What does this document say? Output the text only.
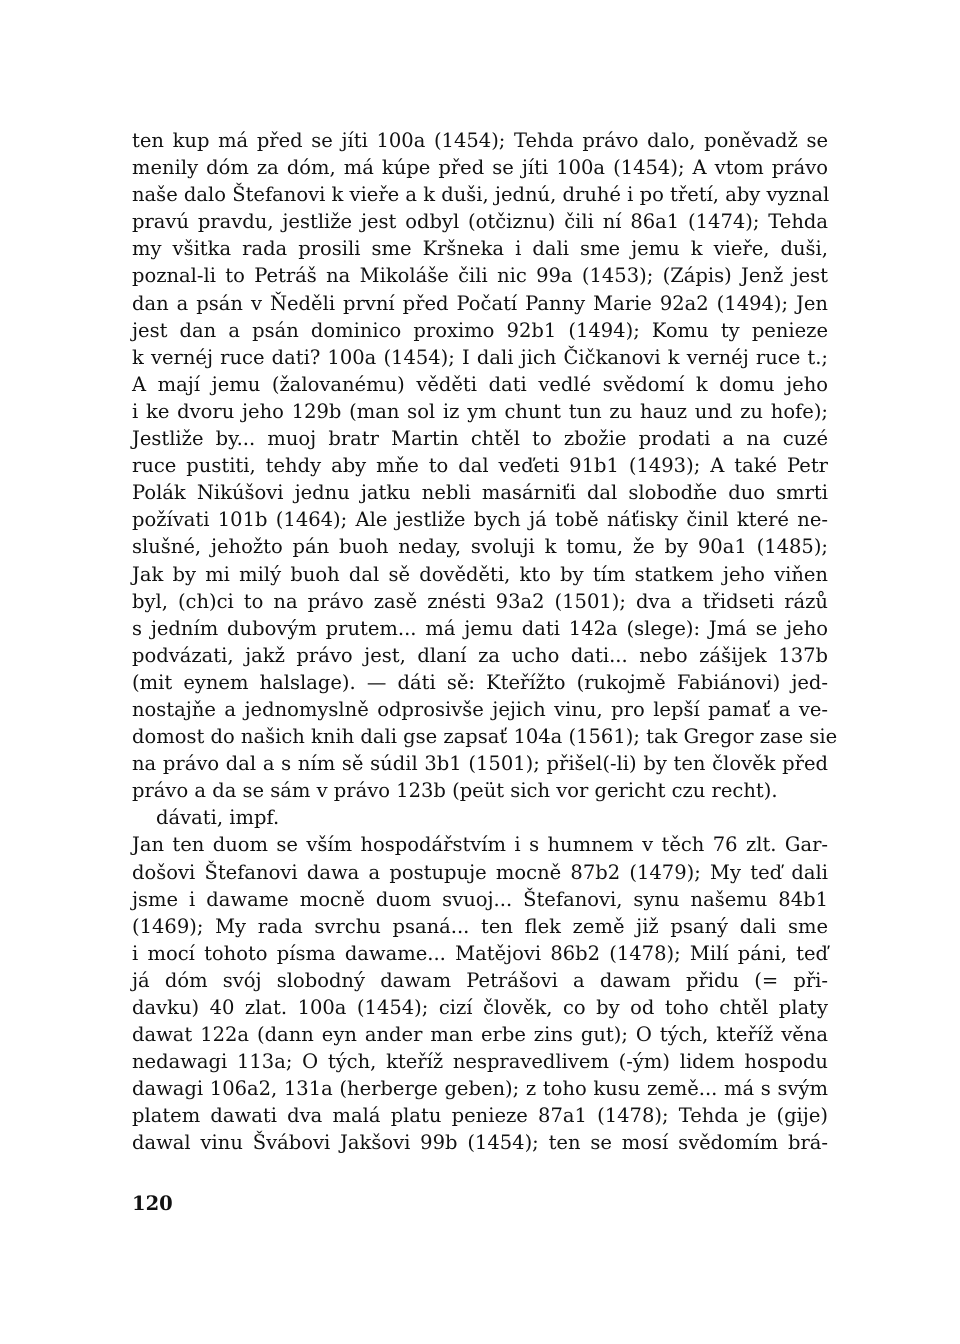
ten kup má před se jíti 100a (1454); Tehda právo dalo, poněvadž se
menily dóm za dóm, má kúpe před se jíti 100a (1454); A vtom právo
naše dalo Štefanovi k vieře a k duši, jednú, druhé i po třetí, aby vyznal
pravú pravdu, jestliže jest odbyl (otčiznu) čili ní 86a1 (1474); Tehda
my všitka rada prosili sme Kršneka i dali sme jemu k vieře, duši,
poznal-li to Petráš na Mikoláše čili nic 99a (1453); (Zápis) Jenž jest
dan a psán v Ňeděli první před Počatí Panny Marie 92a2 (1494); Jen
jest dan a psán dominico proximo 92b1 (1494); Komu ty penieze
k vernéj ruce dati? 100a (1454); I dali jich Čičkanovi k vernéj ruce t.;
A mají jemu (žalovanému) věděti dati vedlé svědomí k domu jeho
i ke dvoru jeho 129b (man sol iz ym chunt tun zu hauz und zu hofe);
Jestliže by... muoj bratr Martin chtěl to zbožie prodati a na cuzé
ruce pustiti, tehdy aby mňe to dal veďeti 91b1 (1493); A také Petr
Polák Nikúšovi jednu jatku nebli masárniťi dal slobodňe duo smrti
požívati 101b (1464); Ale jestliže bych já tobě náťisky činil které ne-
slušné, jehožto pán buoh neday, svoluji k tomu, že by 90a1 (1485);
Jak by mi milý buoh dal sě dověděti, kto by tím statkem jeho viňen
byl, (ch)ci to na právo zasě znésti 93a2 (1501); dva a třidseti rázů
s jedním dubovým prutem... má jemu dati 142a (slege): Jmá se jeho
podvázati, jakž právo jest, dlaní za ucho dati... nebo zášijek 137b
(mit eynem halslage). — dáti sě: Kteřížto (rukojmě Fabiánovi) jed-
nostajňe a jednomyslně odprosivše jejich vinu, pro lepší pamať a ve-
domost do našich knih dali gse zapsať 104a (1561); tak Gregor zase sie
na právo dal a s ním sě súdil 3b1 (1501); přišel(-li) by ten člověk před
právo a da se sám v právo 123b (peüt sich vor gericht czu recht).
dávati, impf.
Jan ten duom se vším hospodářstvím i s humnem v těch 76 zlt. Gar-
došovi Štefanovi dawa a postupuje mocně 87b2 (1479); My teď dali
jsme i dawame mocně duom svuoj... Štefanovi, synu našemu 84b1
(1469); My rada svrchu psaná... ten flek země již psaný dali sme
i mocí tohoto písma dawame... Matějovi 86b2 (1478); Milí páni, teď
já dóm svój slobodný dawam Petrášovi a dawam přidu (= při-
davku) 40 zlat. 100a (1454); cizí člověk, co by od toho chtěl platy
dawat 122a (dann eyn ander man erbe zins gut); O tých, kteříž věna
nedawagi 113a; O tých, kteříž nespravedlivem (-ým) lidem hospodu
dawagi 106a2, 131a (herberge geben); z toho kusu země... má s svým
platem dawati dva malá platu penieze 87a1 (1478); Tehda je (gije)
dawal vinu Švábovi Jakšovi 99b (1454); ten se mosí svědomím brá-
120
